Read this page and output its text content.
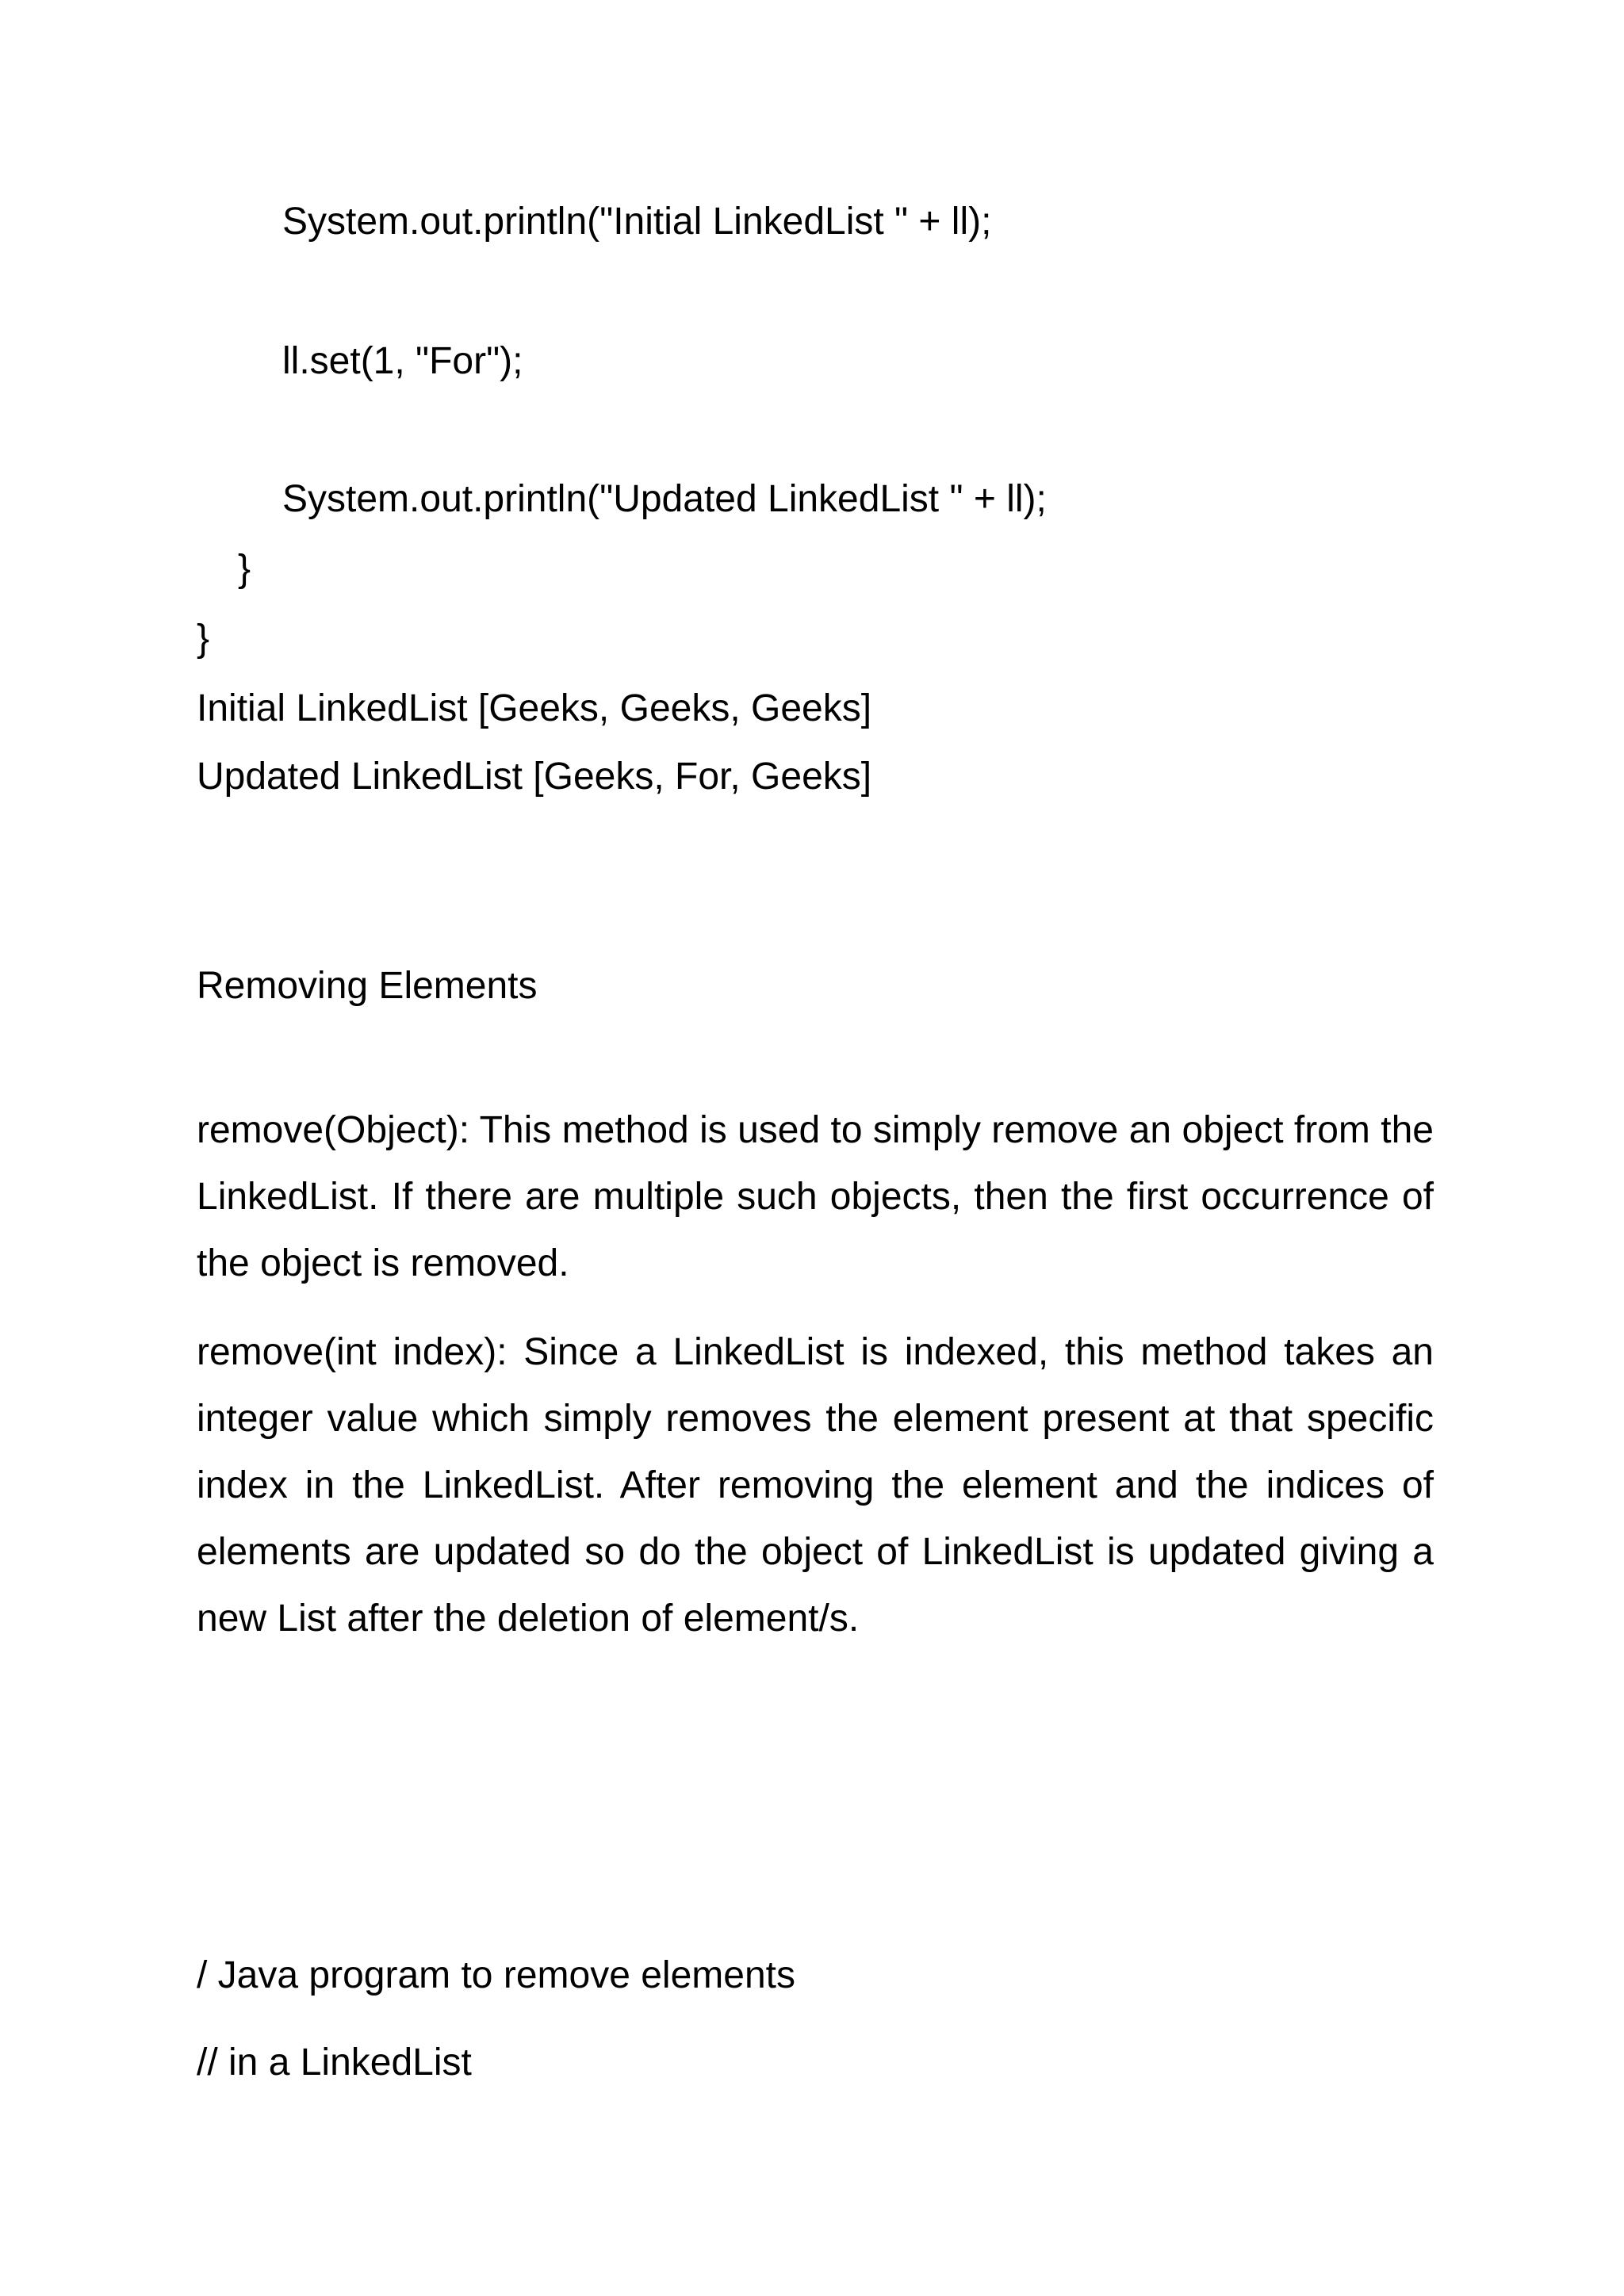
System.out.println("Initial LinkedList " + ll);
ll.set(1, "For");
System.out.println("Updated LinkedList " + ll);
}
}
Initial LinkedList [Geeks, Geeks, Geeks]
Updated LinkedList [Geeks, For, Geeks]
Removing Elements
remove(Object): This method is used to simply remove an object from the LinkedList. If there are multiple such objects, then the first occurrence of the object is removed.
remove(int index): Since a LinkedList is indexed, this method takes an integer value which simply removes the element present at that specific index in the LinkedList. After removing the element and the indices of elements are updated so do the object of LinkedList is updated giving a new List after the deletion of element/s.
/ Java program to remove elements
// in a LinkedList
